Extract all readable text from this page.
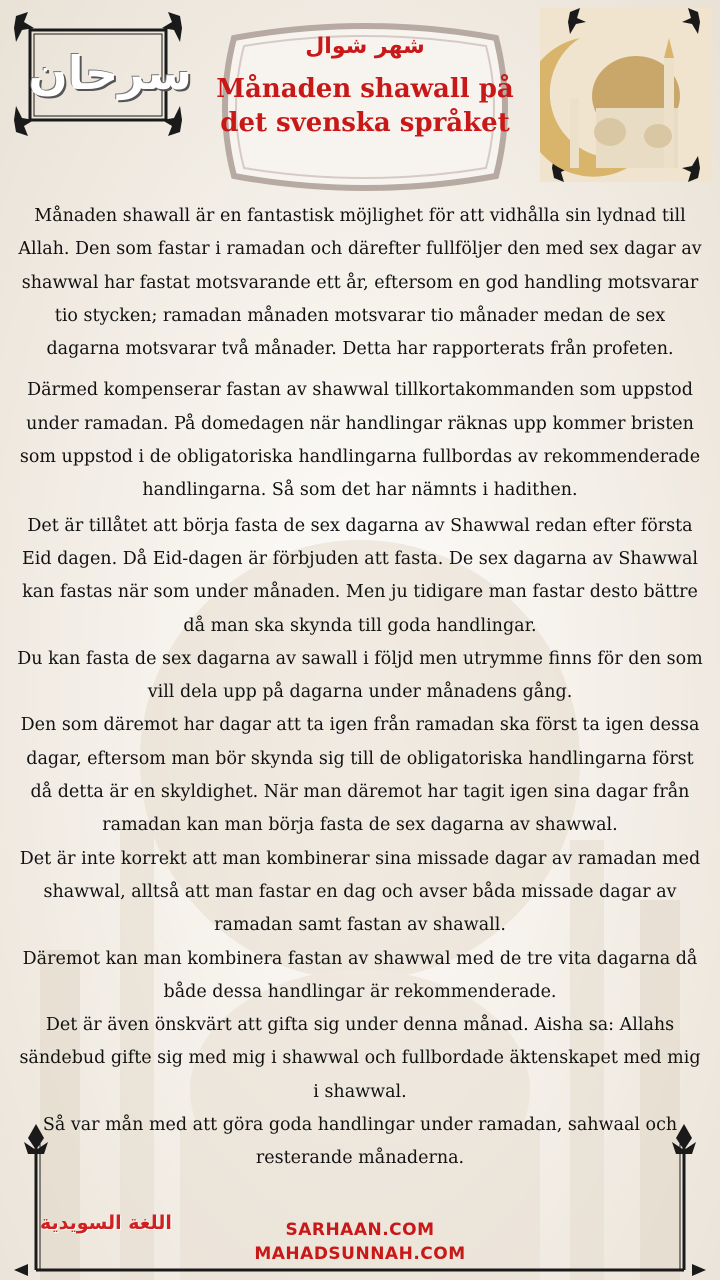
سرحان	شهر شوال
Månaden shawall på det svenska språket

Månaden shawall är en fantastisk möjlighet för att vidhålla sin lydnad till Allah. Den som fastar i ramadan och därefter fullföljer den med sex dagar av shawwal har fastat motsvarande ett år, eftersom en god handling motsvarar tio stycken; ramadan månaden motsvarar tio månader medan de sex dagarna motsvarar två månader. Detta har rapporterats från profeten.

Därmed kompenserar fastan av shawwal tillkortakommanden som uppstod under ramadan. På domedagen när handlingar räknas upp kommer bristen som uppstod i de obligatoriska handlingarna fullbordas av rekommenderade handlingarna. Så som det har nämnts i hadithen.

Det är tillåtet att börja fasta de sex dagarna av Shawwal redan efter första Eid dagen. Då Eid-dagen är förbjuden att fasta. De sex dagarna av Shawwal kan fastas när som under månaden. Men ju tidigare man fastar desto bättre då man ska skynda till goda handlingar.

Du kan fasta de sex dagarna av sawall i följd men utrymme finns för den som vill dela upp på dagarna under månadens gång.

Den som däremot har dagar att ta igen från ramadan ska först ta igen dessa dagar, eftersom man bör skynda sig till de obligatoriska handlingarna först då detta är en skyldighet. När man däremot har tagit igen sina dagar från ramadan kan man börja fasta de sex dagarna av shawwal.

Det är inte korrekt att man kombinerar sina missade dagar av ramadan med shawwal, alltså att man fastar en dag och avser båda missade dagar av ramadan samt fastan av shawall.

Däremot kan man kombinera fastan av shawwal med de tre vita dagarna då både dessa handlingar är rekommenderade.

Det är även önskvärt att gifta sig under denna månad. Aisha sa: Allahs sändebud gifte sig med mig i shawwal och fullbordade äktenskapet med mig i shawwal.

Så var mån med att göra goda handlingar under ramadan, sahwaal och resterande månaderna.

اللغة السويدية	SARHAAN.COM
MAHADSUNNAH.COM
